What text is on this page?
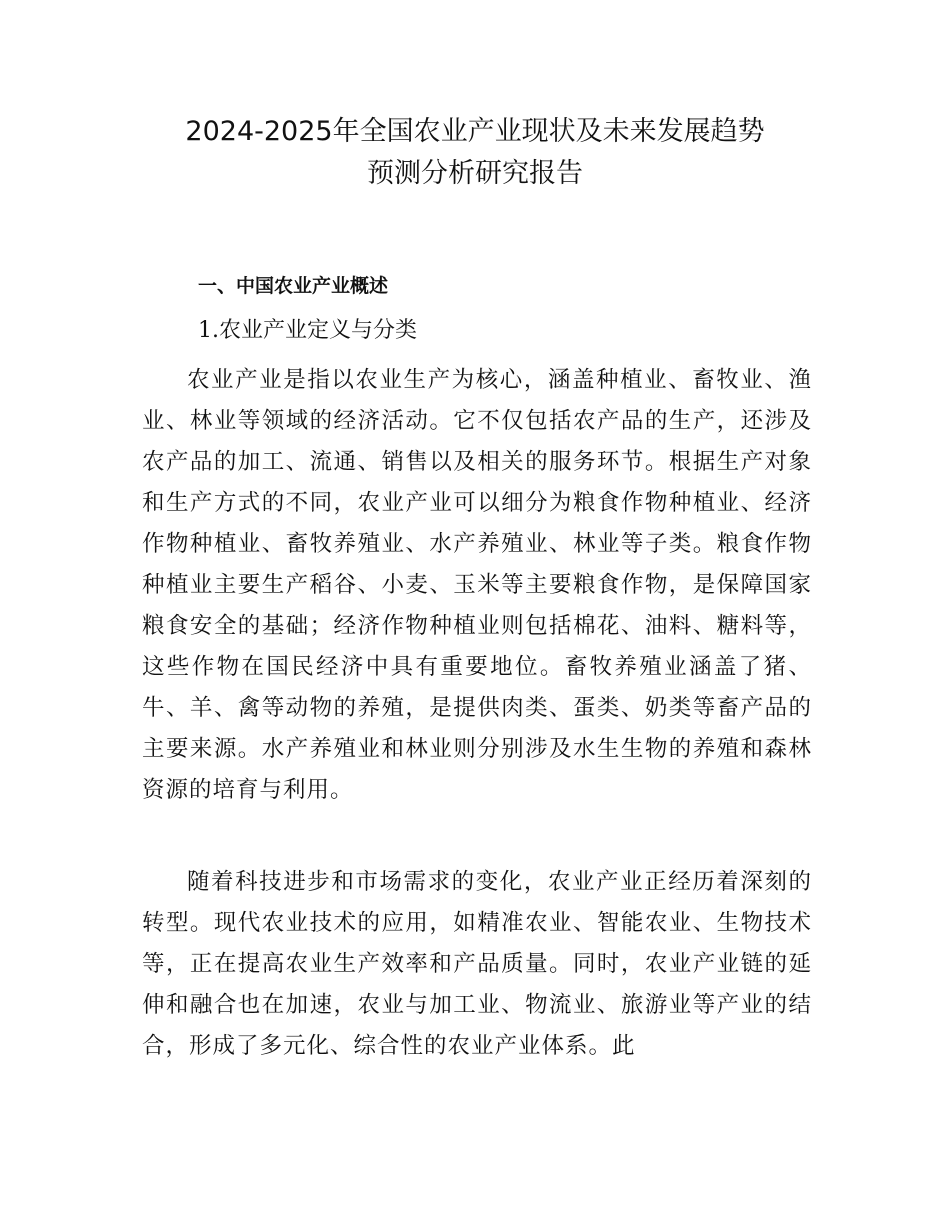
2024-2025年全国农业产业现状及未来发展趋势
预测分析研究报告
一、中国农业产业概述
1.农业产业定义与分类

农业产业是指以农业生产为核心，涵盖种植业、畜牧业、渔业、林业等领域的经济活动。它不仅包括农产品的生产，还涉及农产品的加工、流通、销售以及相关的服务环节。根据生产对象和生产方式的不同，农业产业可以细分为粮食作物种植业、经济作物种植业、畜牧养殖业、水产养殖业、林业等子类。粮食作物种植业主要生产稻谷、小麦、玉米等主要粮食作物，是保障国家粮食安全的基础；经济作物种植业则包括棉花、油料、糖料等，这些作物在国民经济中具有重要地位。畜牧养殖业涵盖了猪、牛、羊、禽等动物的养殖，是提供肉类、蛋类、奶类等畜产品的主要来源。水产养殖业和林业则分别涉及水生生物的养殖和森林资源的培育与利用。

随着科技进步和市场需求的变化，农业产业正经历着深刻的转型。现代农业技术的应用，如精准农业、智能农业、生物技术等，正在提高农业生产效率和产品质量。同时，农业产业链的延伸和融合也在加速，农业与加工业、物流业、旅游业等产业的结合，形成了多元化、综合性的农业产业体系。此
